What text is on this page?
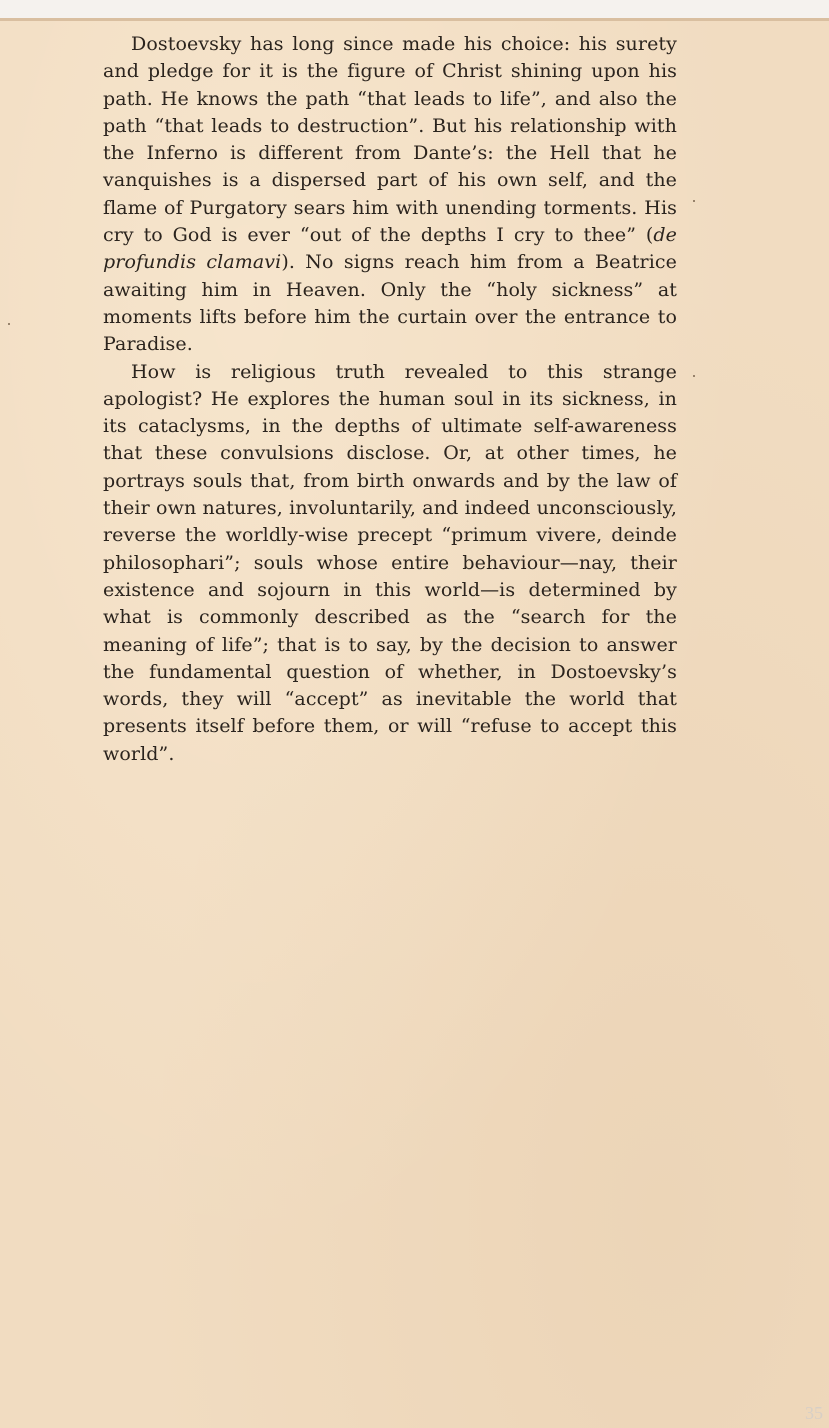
Dostoevsky has long since made his choice: his surety and pledge for it is the figure of Christ shining upon his path. He knows the path “that leads to life”, and also the path “that leads to destruction”. But his relationship with the Inferno is different from Dante’s: the Hell that he vanquishes is a dispersed part of his own self, and the flame of Purgatory sears him with unending torments. His cry to God is ever “out of the depths I cry to thee” (de profundis clamavi). No signs reach him from a Beatrice awaiting him in Heaven. Only the “holy sickness” at moments lifts before him the curtain over the entrance to Paradise.

How is religious truth revealed to this strange apologist? He explores the human soul in its sickness, in its cataclysms, in the depths of ultimate self-awareness that these convulsions disclose. Or, at other times, he portrays souls that, from birth onwards and by the law of their own natures, involuntarily, and indeed unconsciously, reverse the worldly-wise precept “primum vivere, deinde philosophari”; souls whose entire behaviour—nay, their existence and sojourn in this world—is determined by what is commonly described as the “search for the meaning of life”; that is to say, by the decision to answer the fundamental question of whether, in Dostoevsky’s words, they will “accept” as inevitable the world that presents itself before them, or will “refuse to accept this world”.

35
